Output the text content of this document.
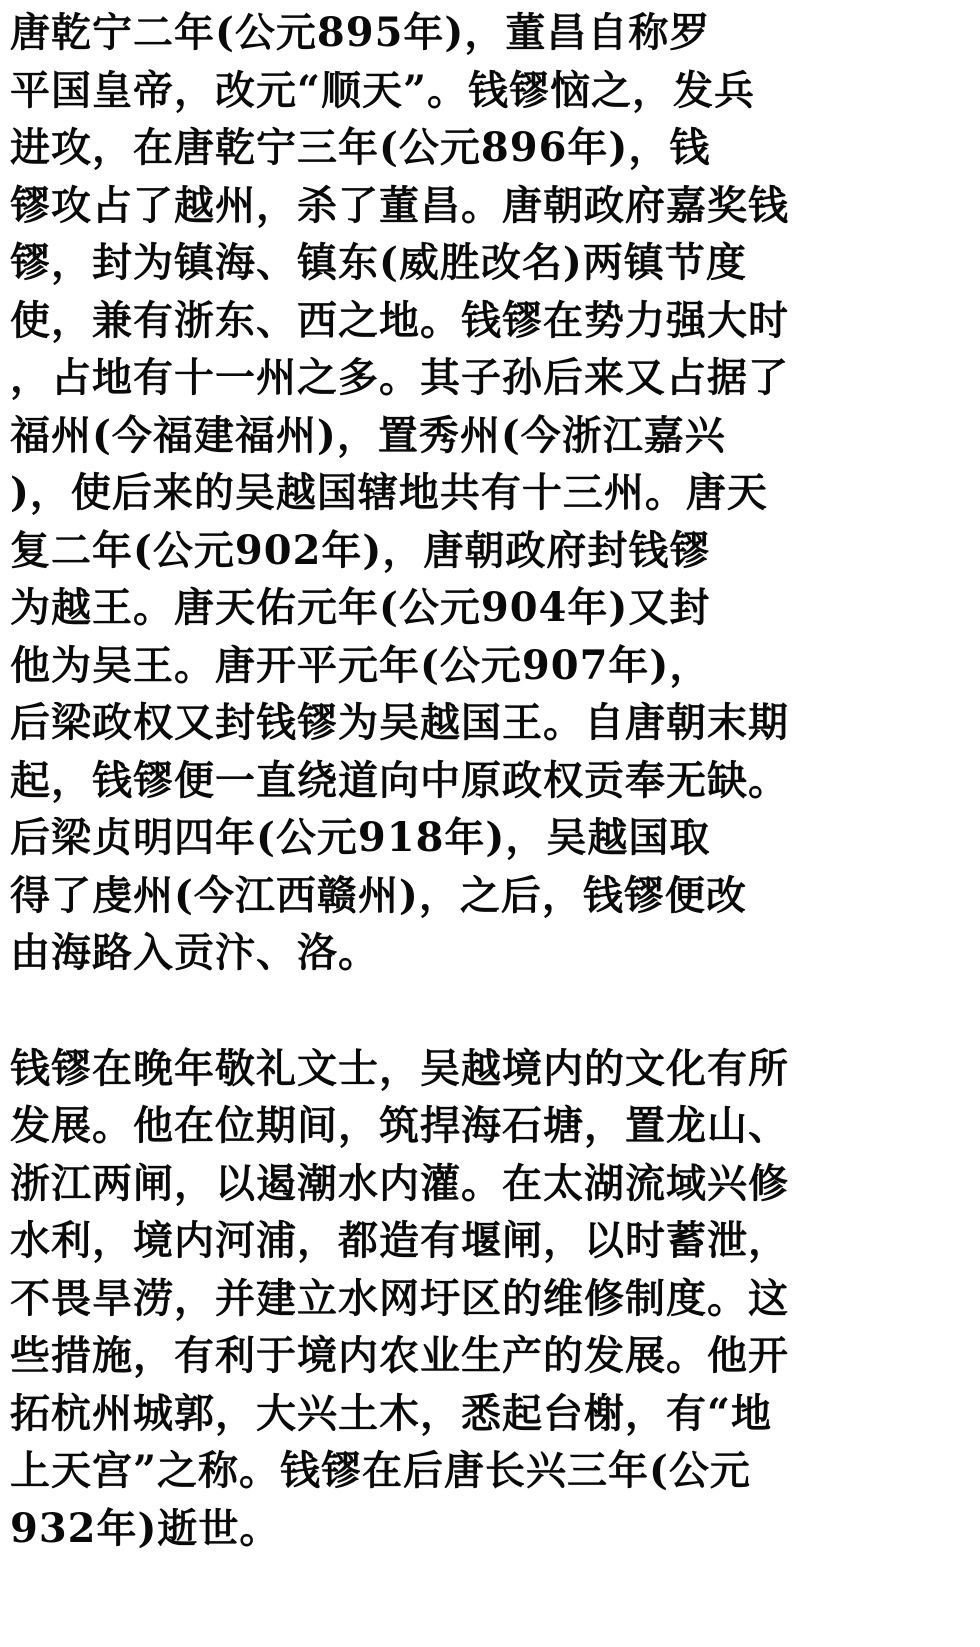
唐乾宁二年(公元895年)，董昌自称罗
平国皇帝，改元“顺天”。钱镠恼之，发兵
进攻，在唐乾宁三年(公元896年)，钱
镠攻占了越州，杀了董昌。唐朝政府嘉奖钱
镠，封为镇海、镇东(威胜改名)两镇节度
使，兼有浙东、西之地。钱镠在势力强大时
，占地有十一州之多。其子孙后来又占据了
福州(今福建福州)，置秀州(今浙江嘉兴
)，使后来的吴越国辖地共有十三州。唐天
复二年(公元902年)，唐朝政府封钱镠
为越王。唐天佑元年(公元904年)又封
他为吴王。唐开平元年(公元907年)，
后梁政权又封钱镠为吴越国王。自唐朝末期
起，钱镠便一直绕道向中原政权贡奉无缺。
后梁贞明四年(公元918年)，吴越国取
得了虔州(今江西赣州)，之后，钱镠便改
由海路入贡汴、洛。
钱镠在晚年敬礼文士，吴越境内的文化有所
发展。他在位期间，筑捍海石塘，置龙山、
浙江两闸，以遏潮水内灌。在太湖流域兴修
水利，境内河浦，都造有堰闸，以时蓄泄，
不畏旱涝，并建立水网圩区的维修制度。这
些措施，有利于境内农业生产的发展。他开
拓杭州城郭，大兴土木，悉起台榭，有“地
上天宫”之称。钱镠在后唐长兴三年(公元
932年)逝世。
